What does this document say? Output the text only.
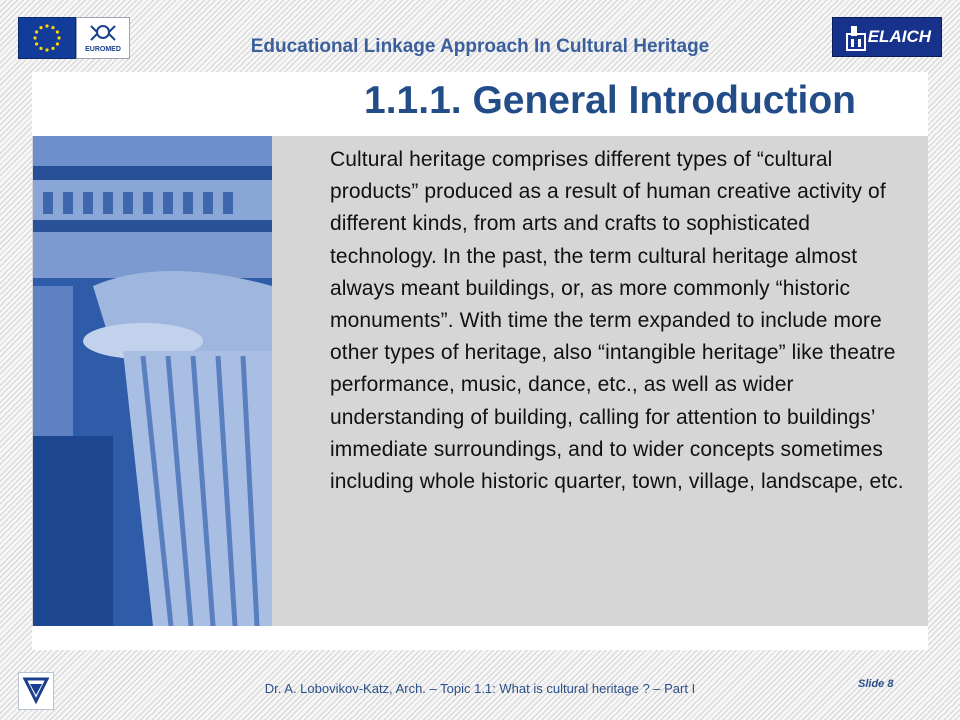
EUROMED	Educational Linkage Approach In Cultural Heritage	ELAICH
1.1.1. General Introduction

Cultural heritage comprises different types of “cultural products” produced as a result of human creative activity of different kinds, from arts and crafts to sophisticated technology. In the past, the term cultural heritage almost always meant buildings, or, as more commonly “historic monuments”. With time the term expanded to include more other types of heritage, also “intangible heritage” like theatre performance, music, dance, etc., as well as wider understanding of building, calling for attention to buildings’ immediate surroundings, and to wider concepts sometimes including whole historic quarter, town, village, landscape, etc.

Dr. A. Lobovikov-Katz, Arch. – Topic 1.1: What is cultural heritage ? – Part I	Slide 8
